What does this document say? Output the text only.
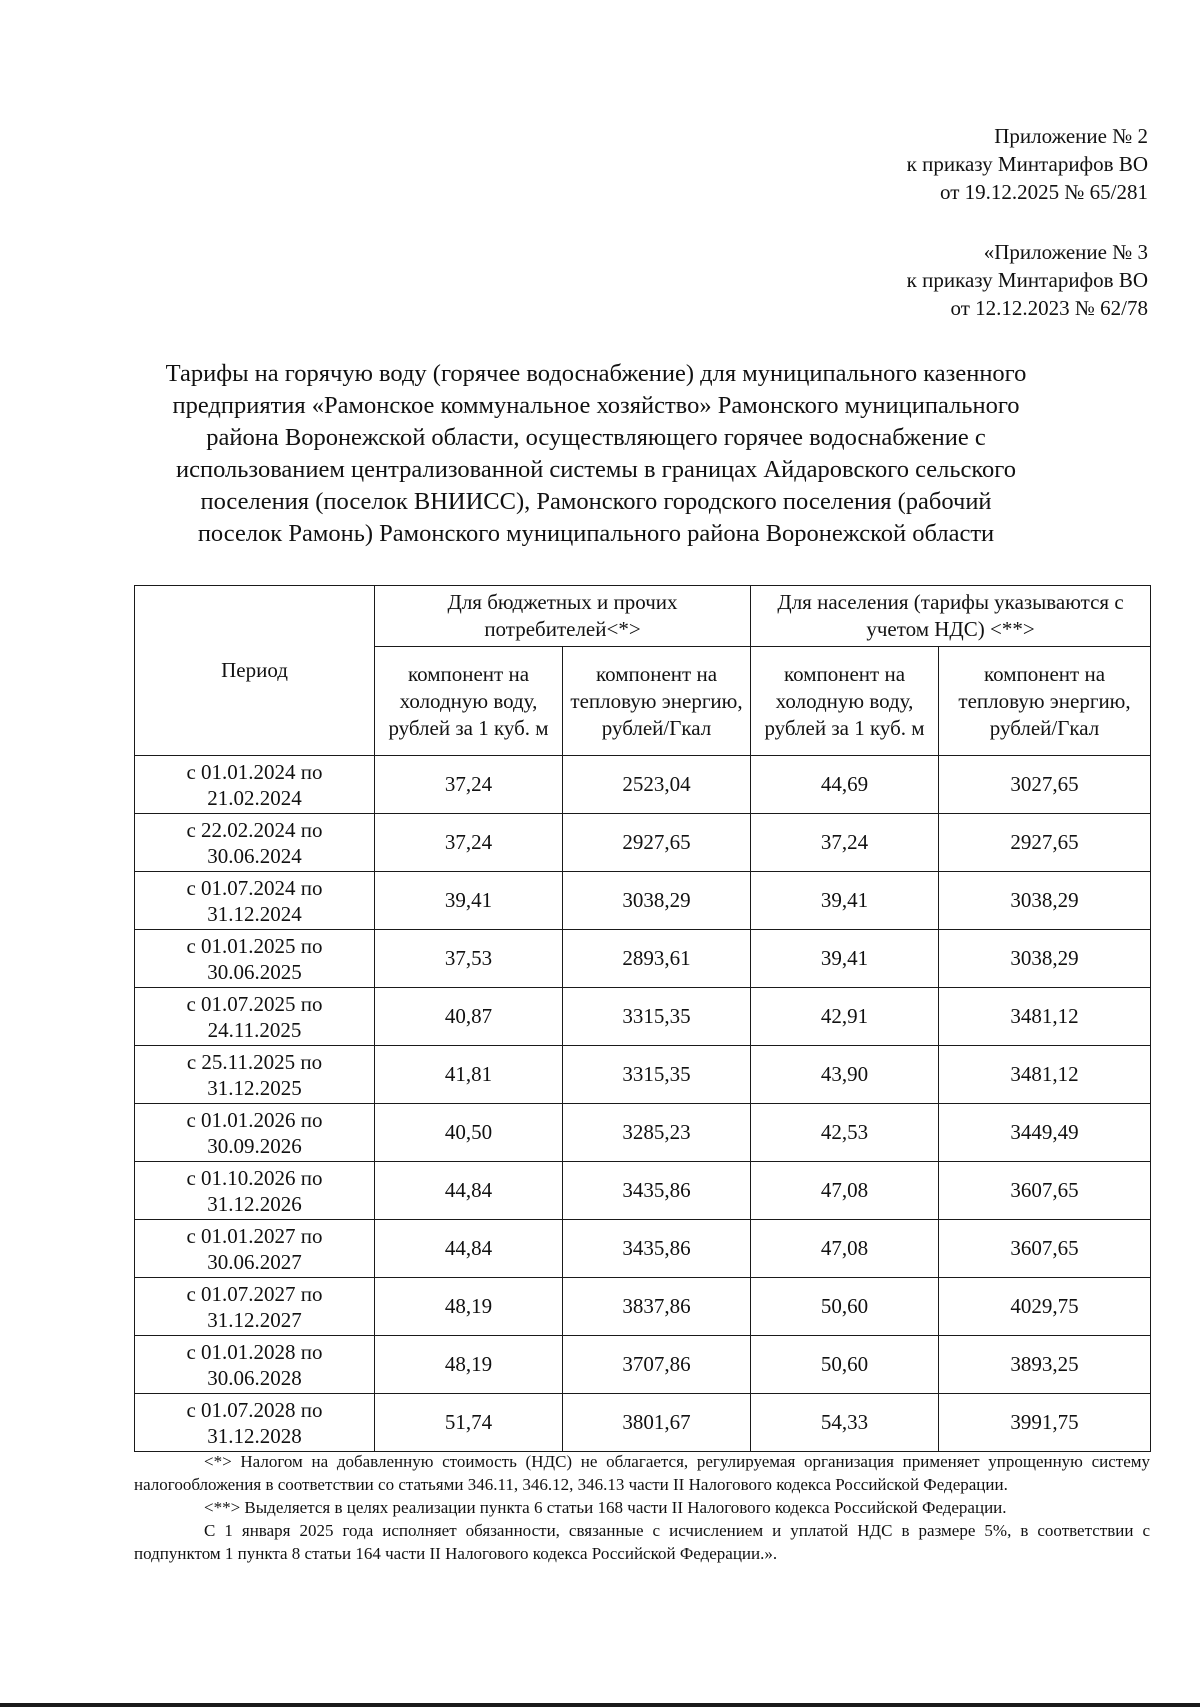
Приложение № 2
к приказу Минтарифов ВО
от 19.12.2025 № 65/281
«Приложение № 3
к приказу Минтарифов ВО
от 12.12.2023 № 62/78
Тарифы на горячую воду (горячее водоснабжение) для муниципального казенного
предприятия «Рамонское коммунальное хозяйство» Рамонского муниципального
района Воронежской области, осуществляющего горячее водоснабжение с
использованием централизованной системы в границах Айдаровского сельского
поселения (поселок ВНИИСС), Рамонского городского поселения (рабочий
поселок Рамонь) Рамонского муниципального района Воронежской области
Период	Для бюджетных и прочих потребителей<*>		Для населения (тарифы указываются с учетом НДС) <**>	
	компонент на холодную воду, рублей за 1 куб. м	компонент на тепловую энергию, рублей/Гкал	компонент на холодную воду, рублей за 1 куб. м	компонент на тепловую энергию, рублей/Гкал

с 01.01.2024 по
21.02.2024	37,24	2523,04	44,69	3027,65

с 22.02.2024 по
30.06.2024	37,24	2927,65	37,24	2927,65

с 01.07.2024 по
31.12.2024	39,41	3038,29	39,41	3038,29

с 01.01.2025 по
30.06.2025	37,53	2893,61	39,41	3038,29

с 01.07.2025 по
24.11.2025	40,87	3315,35	42,91	3481,12

с 25.11.2025 по
31.12.2025	41,81	3315,35	43,90	3481,12

с 01.01.2026 по
30.09.2026	40,50	3285,23	42,53	3449,49

с 01.10.2026 по
31.12.2026	44,84	3435,86	47,08	3607,65

с 01.01.2027 по
30.06.2027	44,84	3435,86	47,08	3607,65

с 01.07.2027 по
31.12.2027	48,19	3837,86	50,60	4029,75

с 01.01.2028 по
30.06.2028	48,19	3707,86	50,60	3893,25

с 01.07.2028 по
31.12.2028	51,74	3801,67	54,33	3991,75

<*> Налогом на добавленную стоимость (НДС) не облагается, регулируемая организация применяет упрощенную систему налогообложения в соответствии со статьями 346.11, 346.12, 346.13 части II Налогового кодекса Российской Федерации.

<**> Выделяется в целях реализации пункта 6 статьи 168 части II Налогового кодекса Российской Федерации.

С 1 января 2025 года исполняет обязанности, связанные с исчислением и уплатой НДС в размере 5%, в соответствии с подпунктом 1 пункта 8 статьи 164 части II Налогового кодекса Российской Федерации.».
